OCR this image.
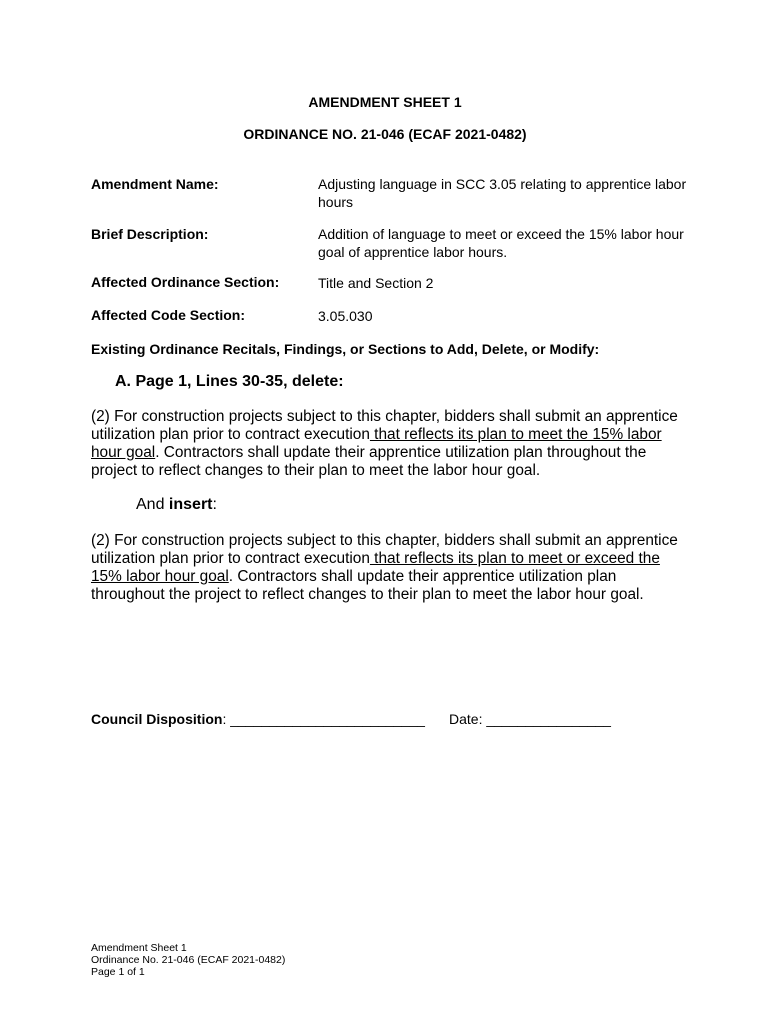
AMENDMENT SHEET 1
ORDINANCE NO. 21-046 (ECAF 2021-0482)
Amendment Name:	Adjusting language in SCC 3.05 relating to apprentice labor hours
Brief Description:	Addition of language to meet or exceed the 15% labor hour goal of apprentice labor hours.
Affected Ordinance Section:	Title and Section 2
Affected Code Section:	3.05.030
Existing Ordinance Recitals, Findings, or Sections to Add, Delete, or Modify:
A. Page 1, Lines 30-35, delete:
(2) For construction projects subject to this chapter, bidders shall submit an apprentice utilization plan prior to contract execution that reflects its plan to meet the 15% labor hour goal. Contractors shall update their apprentice utilization plan throughout the project to reflect changes to their plan to meet the labor hour goal.
And insert:
(2) For construction projects subject to this chapter, bidders shall submit an apprentice utilization plan prior to contract execution that reflects its plan to meet or exceed the 15% labor hour goal. Contractors shall update their apprentice utilization plan throughout the project to reflect changes to their plan to meet the labor hour goal.
Council Disposition: _________________________ Date: ________________
Amendment Sheet 1
Ordinance No. 21-046 (ECAF 2021-0482)
Page 1 of 1
